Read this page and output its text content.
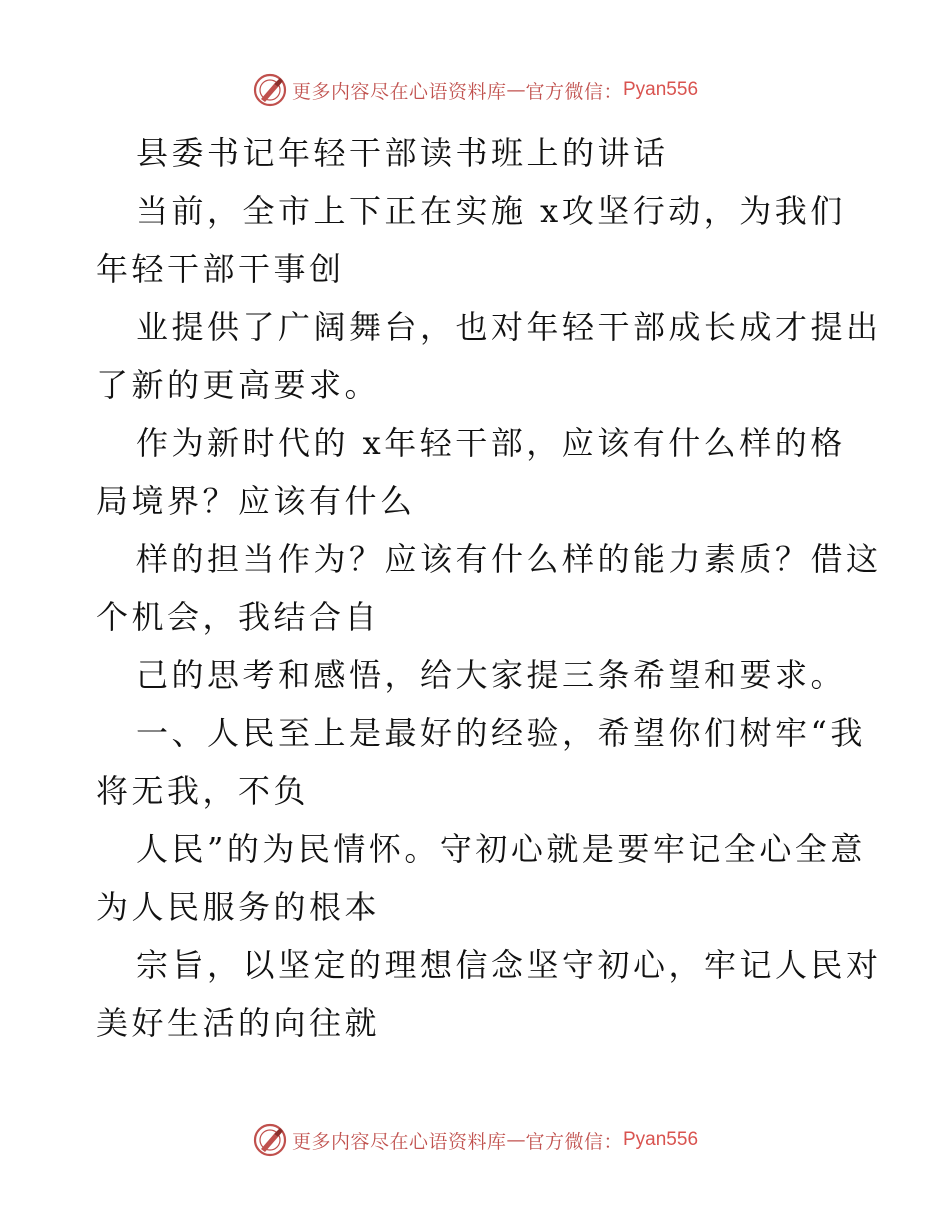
更多内容尽在心语资料库 — 官方微信： Pyan556
县委书记年轻干部读书班上的讲话
当前，全市上下正在实施 x攻坚行动，为我们
年轻干部干事创
业提供了广阔舞台，也对年轻干部成长成才提出
了新的更高要求。
作为新时代的 x年轻干部，应该有什么样的格
局境界？应该有什么
样的担当作为？应该有什么样的能力素质？借这
个机会，我结合自
己的思考和感悟，给大家提三条希望和要求。
一、人民至上是最好的经验，希望你们树牢“我
将无我，不负
人民”的为民情怀。守初心就是要牢记全心全意
为人民服务的根本
宗旨，以坚定的理想信念坚守初心，牢记人民对
美好生活的向往就
更多内容尽在心语资料库 — 官方微信： Pyan556
